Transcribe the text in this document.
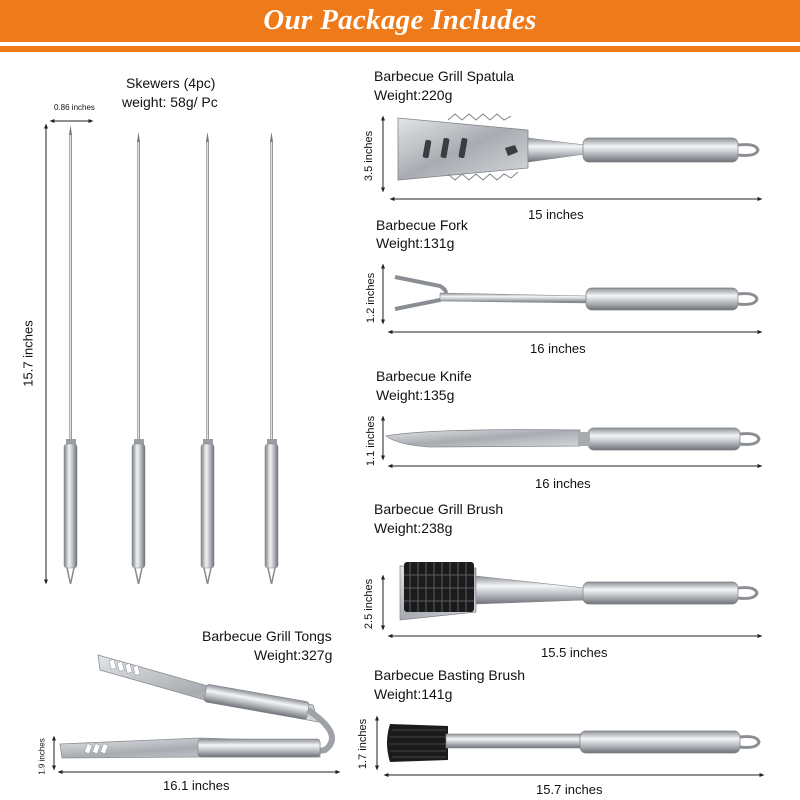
Our Package Includes
Skewers (4pc)
weight: 58g/ Pc
0.86 inches
15.7 inches
Barbecue Grill Tongs
Weight:327g
16.1 inches
1.9 inches
Barbecue Grill Spatula
Weight:220g
15 inches
3.5 inches
Barbecue Fork
Weight:131g
16 inches
1.2 inches
Barbecue Knife
Weight:135g
16 inches
1.1 inches
Barbecue Grill Brush
Weight:238g
15.5 inches
2.5 inches
Barbecue Basting Brush
Weight:141g
15.7 inches
1.7 inches
